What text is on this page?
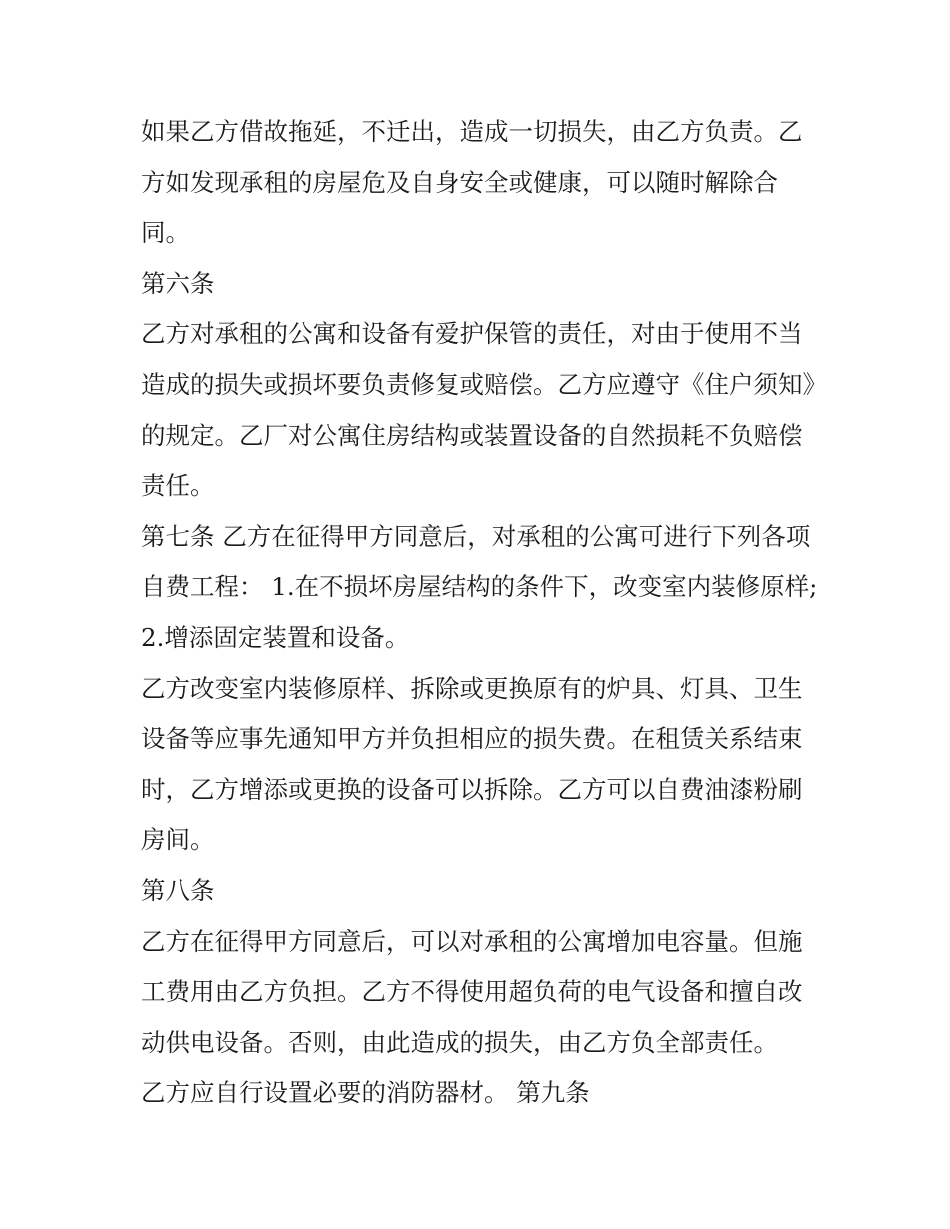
如果乙方借故拖延，不迁出，造成一切损失，由乙方负责。乙方如发现承租的房屋危及自身安全或健康，可以随时解除合同。

第六条

乙方对承租的公寓和设备有爱护保管的责任，对由于使用不当造成的损失或损坏要负责修复或赔偿。乙方应遵守《住户须知》的规定。乙厂对公寓住房结构或装置设备的自然损耗不负赔偿责任。

第七条 乙方在征得甲方同意后，对承租的公寓可进行下列各项自费工程： 1.在不损坏房屋结构的条件下，改变室内装修原样; 2.增添固定装置和设备。

乙方改变室内装修原样、拆除或更换原有的炉具、灯具、卫生设备等应事先通知甲方并负担相应的损失费。在租赁关系结束时，乙方增添或更换的设备可以拆除。乙方可以自费油漆粉刷房间。

第八条

乙方在征得甲方同意后，可以对承租的公寓增加电容量。但施工费用由乙方负担。乙方不得使用超负荷的电气设备和擅自改动供电设备。否则，由此造成的损失，由乙方负全部责任。

乙方应自行设置必要的消防器材。 第九条
